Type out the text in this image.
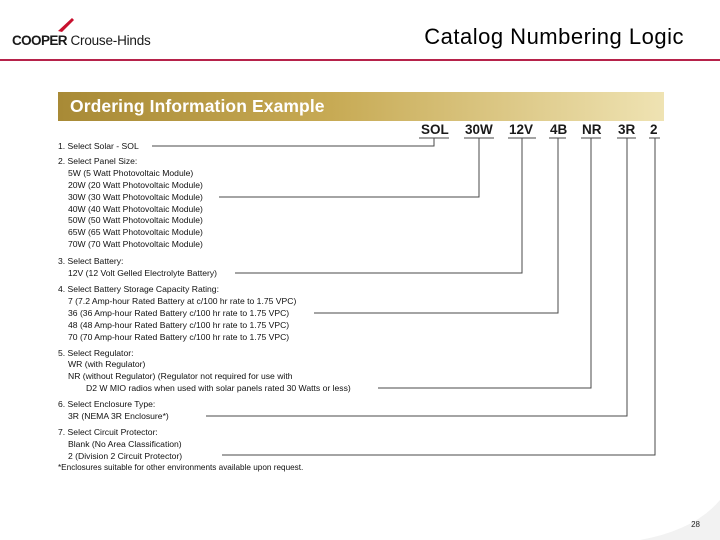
COOPER Crouse-Hinds	Catalog Numbering Logic
Ordering Information Example
SOL 30W 12V 4B NR 3R 2
1. Select Solar - SOL
2. Select Panel Size:
5W (5 Watt Photovoltaic Module)
20W (20 Watt Photovoltaic Module)
30W (30 Watt Photovoltaic Module)
40W (40 Watt Photovoltaic Module)
50W (50 Watt Photovoltaic Module)
65W (65 Watt Photovoltaic Module)
70W (70 Watt Photovoltaic Module)
3. Select Battery:
12V (12 Volt Gelled Electrolyte Battery)
4. Select Battery Storage Capacity Rating:
7 (7.2 Amp-hour Rated Battery at c/100 hr rate to 1.75 VPC)
36 (36 Amp-hour Rated Battery c/100 hr rate to 1.75 VPC)
48 (48 Amp-hour Rated Battery c/100 hr rate to 1.75 VPC)
70 (70 Amp-hour Rated Battery c/100 hr rate to 1.75 VPC)
5. Select Regulator:
WR (with Regulator)
NR (without Regulator) (Regulator not required for use with
D2 W MIO radios when used with solar panels rated 30 Watts or less)
6. Select Enclosure Type:
3R (NEMA 3R Enclosure*)
7. Select Circuit Protector:
Blank (No Area Classification)
2 (Division 2 Circuit Protector)
*Enclosures suitable for other environments available upon request.
28
